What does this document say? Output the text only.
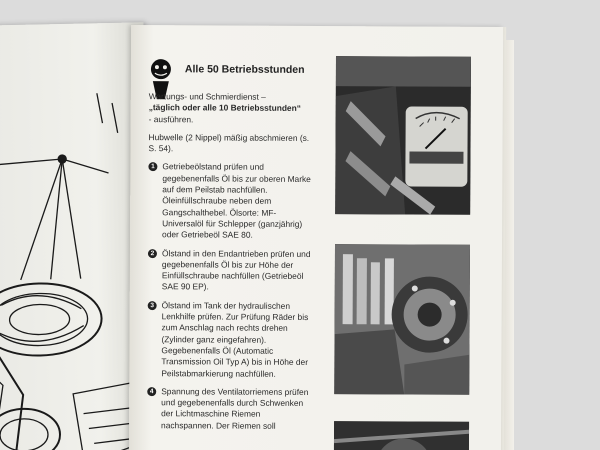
Alle 50 Betriebsstunden

Wartungs- und Schmierdienst –
„täglich oder alle 10 Betriebsstunden“
- ausführen.

Hubwelle (2 Nippel) mäßig abschmieren (s. S. 54).

1 Getriebeölstand prüfen und gegebenenfalls Öl bis zur oberen Marke auf dem Peilstab nachfüllen. Öleinfüllschraube neben dem Gangschalthebel. Ölsorte: MF-Universalöl für Schlepper (ganzjährig) oder Getriebeöl SAE 80.
2 Ölstand in den Endantrieben prüfen und gegebenenfalls Öl bis zur Höhe der Einfüllschraube nachfüllen (Getriebeöl SAE 90 EP).
3 Ölstand im Tank der hydraulischen Lenkhilfe prüfen. Zur Prüfung Räder bis zum Anschlag nach rechts drehen (Zylinder ganz eingefahren). Gegebenenfalls Öl (Automatic Transmission Oil Typ A) bis in Höhe der Peilstabmarkierung nachfüllen.
4 Spannung des Ventilatorriemens prüfen und gegebenenfalls durch Schwenken der Lichtmaschine Riemen nachspannen. Der Riemen soll
